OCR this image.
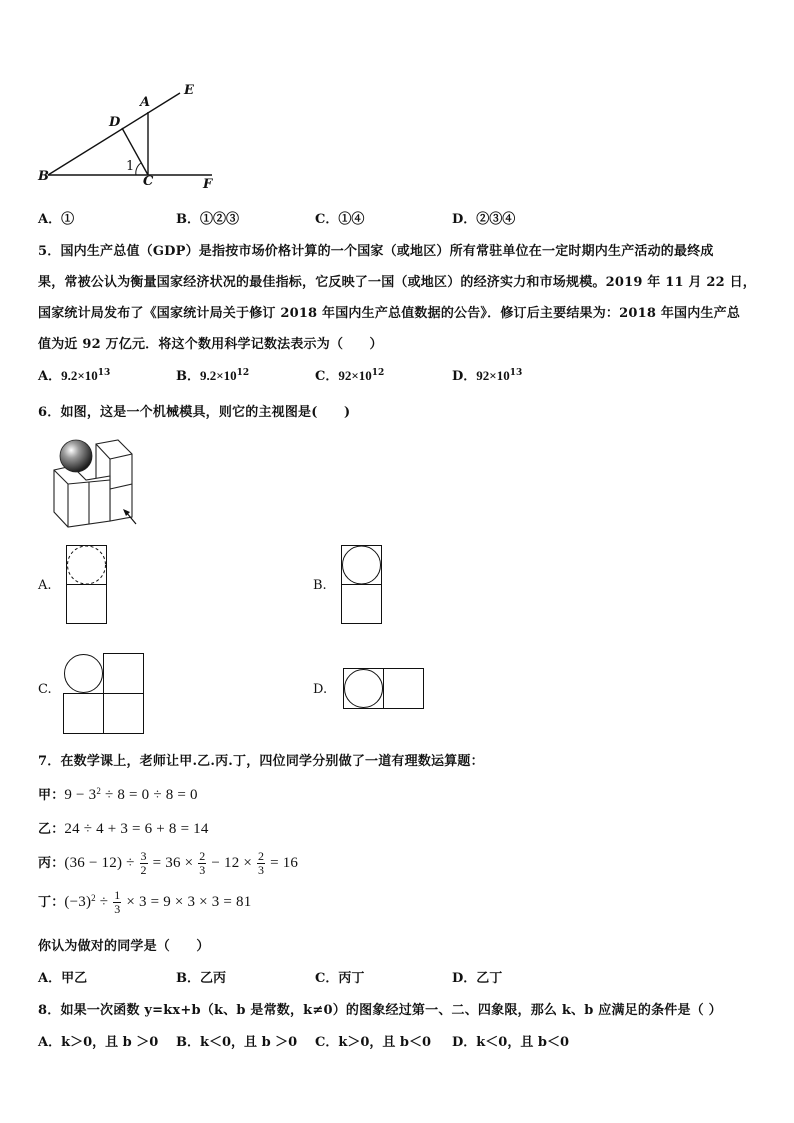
A
B	C
D
E
F
1
A．①	B．①②③	C．①④	D．②③④
5．国内生产总值（GDP）是指按市场价格计算的一个国家（或地区）所有常驻单位在一定时期内生产活动的最终成
果，常被公认为衡量国家经济状况的最佳指标，它反映了一国（或地区）的经济实力和市场规模。2019 年 11 月 22 日，
国家统计局发布了《国家统计局关于修订 2018 年国内生产总值数据的公告》．修订后主要结果为：2018 年国内生产总
值为近 92 万亿元．将这个数用科学记数法表示为（　　）
A．$9.2\times 10^{13}$	B．$9.2\times 10^{12}$	C．$92\times 10^{12}$	D．$92\times 10^{13}$
6．如图，这是一个机械模具，则它的主视图是(　　)
A.	B.
C.	D.
7．在数学课上，老师让甲.乙.丙.丁，四位同学分别做了一道有理数运算题：
甲：$9 - 3^2 \div 8 = 0 \div 8 = 0$
乙：24 ÷ 4 + 3 = 6 + 8 = 14
丙：$(36 - 12) \div \frac{3}{2} = 36 \times \frac{2}{3} - 12 \times \frac{2}{3} = 16$
丁：$(-3)^2 \div \frac{1}{3} \times 3 = 9 \times 3 \times 3 = 81$
你认为做对的同学是（　　）
A．甲乙	B．乙丙	C．丙丁	D．乙丁
8．如果一次函数 y=kx+b（k、b 是常数，k≠0）的图象经过第一、二、四象限，那么 k、b 应满足的条件是（ ）
A．k＞0，且 b ＞0 B．k＜0，且 b ＞0 C．k＞0，且 b＜0 D．k＜0，且 b＜0
